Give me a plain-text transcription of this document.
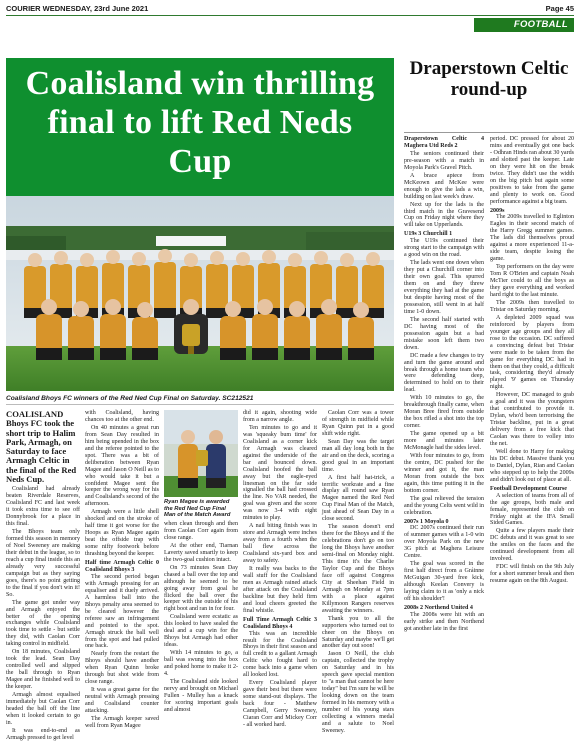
COURIER WEDNESDAY, 23rd June 2021	Page 45
FOOTBALL
Coalisland win thrilling final to lift Red Neds Cup
Coalisland Bhoys FC winners of the Red Ned Cup Final on Saturday. SC212521
Draperstown Celtic round-up

COALISLAND Bhoys FC took the short trip to Halim Park, Armagh, on Saturday to face Armagh Celtic in the final of the Red Neds Cup.

Coalisland had already beaten Riverdale Reserves, Coalisland FC and last week it took extra time to see off Donnybrook for a place in this final.

The Bhoys team only formed this season in memory of Noel Sweeney are making their debut in the league, so to reach a cup final inside this an already very successful campaign but as they saying goes, there's no point getting to the final if you don't win it! So.

The game got under way and Armagh enjoyed the better of the opening exchanges while Coalisland took time to settle - but settle they did, with Caolan Corr taking control in midfield.

On 18 minutes, Coalisland took the lead. Sean Day controlled well and slipped the ball through to Ryan Magee and he finished well to the keeper.

Armagh almost equalised immediately but Caolan Corr headed the ball off the line when it looked certain to go in.

It was end-to-end as Armagh pressed to get level

with Coalisland, having chances too at the other end.

On 40 minutes a great run from Sean Day resulted in him being upended in the box and the referee pointed to the spot. There was a bit of deliberation between Ryan Magee and Jason O Neill as to who would take it but a confident Magee sent the keeper the wrong way for his and Coalisland's second of the afternoon.

Armagh were a little shell shocked and on the stroke of half time it got worse for the Hoops as Ryan Magee again beat the offside trap with some nifty footwork before thrashing beyond the keeper.

Half time Armagh Celtic 0 Coalisland Bhoys 3

The second period began with Armagh pressing for an equaliser and it duely arrived. A harmless ball into the Bhoys penalty area seemed to be cleared however the referee saw an infringement and pointed to the spot. Armagh struck the ball well from the spot and had pulled one back.

Nearly from the restart the Bhoys should have another when Ryan Quinn broke through but shot wide from close range.

It was a great game for the neutral with Armagh pressing and Coalisland counter attacking.

The Armagh keeper saved well from Ryan Magee

Ryan Magee is awarded the Red Ned Cup Final Man of the Match Award

when clean through and then from Caolan Corr again from close range.

At the other end, Tiarnan Laverty saved smartly to keep the two-goal cushion intact.

On 73 minutes Sean Day chased a ball over the top and although he seemed to be going away from goal he flicked the ball over the keeper with the outside of his right boot and ran in for four.

Coalisland were ecstatic as this looked to have sealed the deal and a cup win for the Bhoys but Armagh had other ideas.

With 14 minutes to go, a ball was swung into the box and poked home to make it 2-4.

The Coalisland side looked nervy and brought on Michael Fullen - Mulley has a knack for scoring important goals and almost

did it again, shooting wide from a narrow angle.

Ten minutes to go and it was 'squeaky bum time' for Coalisland as a corner kick for Armagh was cleared against the underside of the bar and bounced down. Coalisland hoofed the ball away but the eagle-eyed linesman on the far side signalled the ball had crossed the line. No VAR needed, the goal was given and the score was now 3-4 with eight minutes to play.

A nail biting finish was in store and Armagh were inches away from a fourth when the ball flew across the Coalisland six-yard box and away to safety.

It really was backs to the wall stuff for the Coalisland men as Armagh rained attack after attack on the Coalisland backline but they held firm and loud cheers greeted the final whistle.

Full Time Armagh Celtic 3 Coalisland Bhoys 4

This was an incredible result for the Coalisland Bhoys in their first season and full credit to a gallant Armagh Celtic who fought hard to come back into a game when all looked lost.

Every Coalisland player gave their best but there were some stand-out displays. The back four - Matthew Campbell, Gerry Sweeney, Ciaran Corr and Mickey Corr - all worked hard.

Caolan Corr was a tower of strength in midfield while Ryan Quinn put in a good shift wide right.

Sean Day was the target man all day long both in the air and on the deck, scoring a good goal in an important time.

A first half hat-trick, a terrific workrate and a fine display all round saw Ryan Magee named the Red Ned Cup Final Man of the Match, just ahead of Sean Day in a close second.

The season doesn't end there for the Bhoys and if the celebrations don't go on too long the Bhoys have another semi-final on Monday night. This time it's the Charlie Taylor Cup and the Bhoys face off against Congress City at Sheehan Field in Armagh on Monday at 7pm with a place against Killymoon Rangers reserves awaiting the winners.

Thank you to all the supporters who turned out to cheer on the Bhoys on Saturday and maybe we'll get another day out soon!

Jason O Neill, the club captain, collected the trophy on Saturday and in his speech gave special mention to "a man that cannot be here today" but I'm sure he will be looking down on the team formed in his memory with a number of his young stars collecting a winners medal and a salute to Noel Sweeney.

Draperstown Celtic 4 Maghera Utd Reds 2

The seniors continued their pre-season with a match in Moyola Park's Gravel Pitch.

A brace apiece from McKeown and McKee were enough to give the lads a win, building on last week's draw.

Next up for the lads is the third match in the Gravesend Cup on Friday night where they will take on Upperlands.

U19s 3 Churchill 1

The U19s continued their strong start to the campaign with a good win on the road.

The lads went one down when they put a Churchill corner into their own goal. This spurred them on and they threw everything they had at the game but despite having most of the possession, still went in at half time 1-0 down.

The second half started with DC having most of the possession again but a bad mistake soon left them two down.

DC made a few changes to try and turn the game around and break through a home team who were defending deep, determined to hold on to their lead.

With 10 minutes to go, the breakthrough finally came, when Moran Bree fired from outside the box rifled a shot into the top corner.

The game opened up a bit more and minutes later McMonagle had the sides level.

With four minutes to go, from the centre, DC pushed for the winner and got it, the man Moran from outside the box again, this time putting it in the bottom corner.

The goal relieved the tension and the young Celts went wild in celebration.

2007s 1 Moyola 0

DC 2007s continued their run of summer games with a 1-0 win over Moyola Park on the new 3G pitch at Maghera Leisure Centre.

The goal was scored in the first half direct from a Gráinne McGuigan 30-yard free kick, although Keelan Convery is laying claim to it as 'only a nick off his shoulder'!

2008s 2 Northend United 4

The 2008s were hit with an early strike and then Northend got another late in the first

period. DC pressed for about 20 mins and eventually got one back - Odhran Hinds ran about 30 yards and slotted past the keeper. Late on they were hit on the break twice. They didn't use the width on the big pitch but again some positives to take from the game and plenty to work on. Good performance against a big team.

2009s

The 2009s travelled to Eglinton Eagles in their second match of the Harry Gregg summer games. The lads did themselves proud against a more experienced 11-a-side team, despite losing the game.

Top performers on the day were Tom R O'Brien and captain Noah McTier could to all the boys as they gave everything and worked hard right to the last minute.

The 2009s then travelled to Tristar on Saturday morning.

A depleted 2009 squad was reinforced by players from younger age groups and they all rose to the occasion. DC suffered a convincing defeat but Tristar were made to be taken from the game for everything DC had in them on that they could, a difficult task, considering they'd already played '9' games on Thursday night.

However, DC managed to grab a goal and it was the youngsters that contributed to provide it. Dylan, who'd been terrorising the Tristar backline, put in a great delivery from a free kick that Caolan was there to volley into the net.

Well done to Harry for making his DC debut. Massive thank you to Daniel, Dylan, Rian and Caolan who stepped up to help the 2009s and didn't look out of place at all.

Football Development Course

A selection of teams from all of the age groups, both male and female, represented the club on Friday night at the IFA Small Sided Games.

Quite a few players made their DC debuts and it was great to see the smiles on the faces and the continued development from all involved.

FDC will finish on the 9th July for a short summer break and then resume again on the 8th August.
